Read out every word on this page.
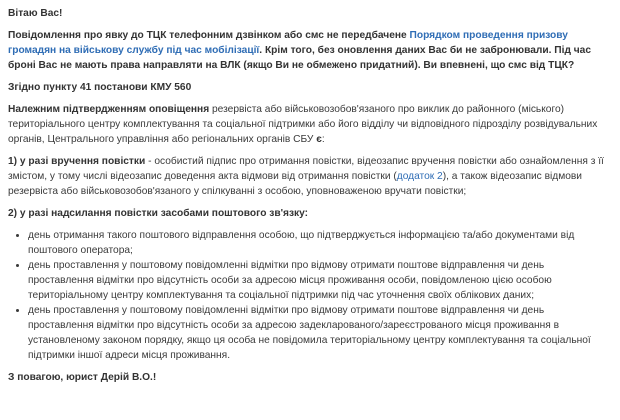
Вітаю Вас!

Повідомлення про явку до ТЦК телефонним дзвінком або смс не передбачене Порядком проведення призову громадян на військову службу під час мобілізації. Крім того, без оновлення даних Вас би не забронювали. Під час броні Вас не мають права направляти на ВЛК (якщо Ви не обмежено придатний). Ви впевнені, що смс від ТЦК?

Згідно пункту 41 постанови КМУ 560

Належним підтвердженням оповіщення резервіста або військовозобов'язаного про виклик до районного (міського) територіального центру комплектування та соціальної підтримки або його відділу чи відповідного підрозділу розвідувальних органів, Центрального управління або регіональних органів СБУ є:

1) у разі вручення повістки - особистий підпис про отримання повістки, відеозапис вручення повістки або ознайомлення з її змістом, у тому числі відеозапис доведення акта відмови від отримання повістки (додаток 2), а також відеозапис відмови резервіста або військовозобов'язаного у спілкуванні з особою, уповноваженою вручати повістки;

2) у разі надсилання повістки засобами поштового зв'язку:

• день отримання такого поштового відправлення особою, що підтверджується інформацією та/або документами від поштового оператора;
• день проставлення у поштовому повідомленні відмітки про відмову отримати поштове відправлення чи день проставлення відмітки про відсутність особи за адресою місця проживання особи, повідомленою цією особою територіальному центру комплектування та соціальної підтримки під час уточнення своїх облікових даних;
• день проставлення у поштовому повідомленні відмітки про відмову отримати поштове відправлення чи день проставлення відмітки про відсутність особи за адресою задекларованого/зареєстрованого місця проживання в установленому законом порядку, якщо ця особа не повідомила територіальному центру комплектування та соціальної підтримки іншої адреси місця проживання.

З повагою, юрист Дерій В.О.!
